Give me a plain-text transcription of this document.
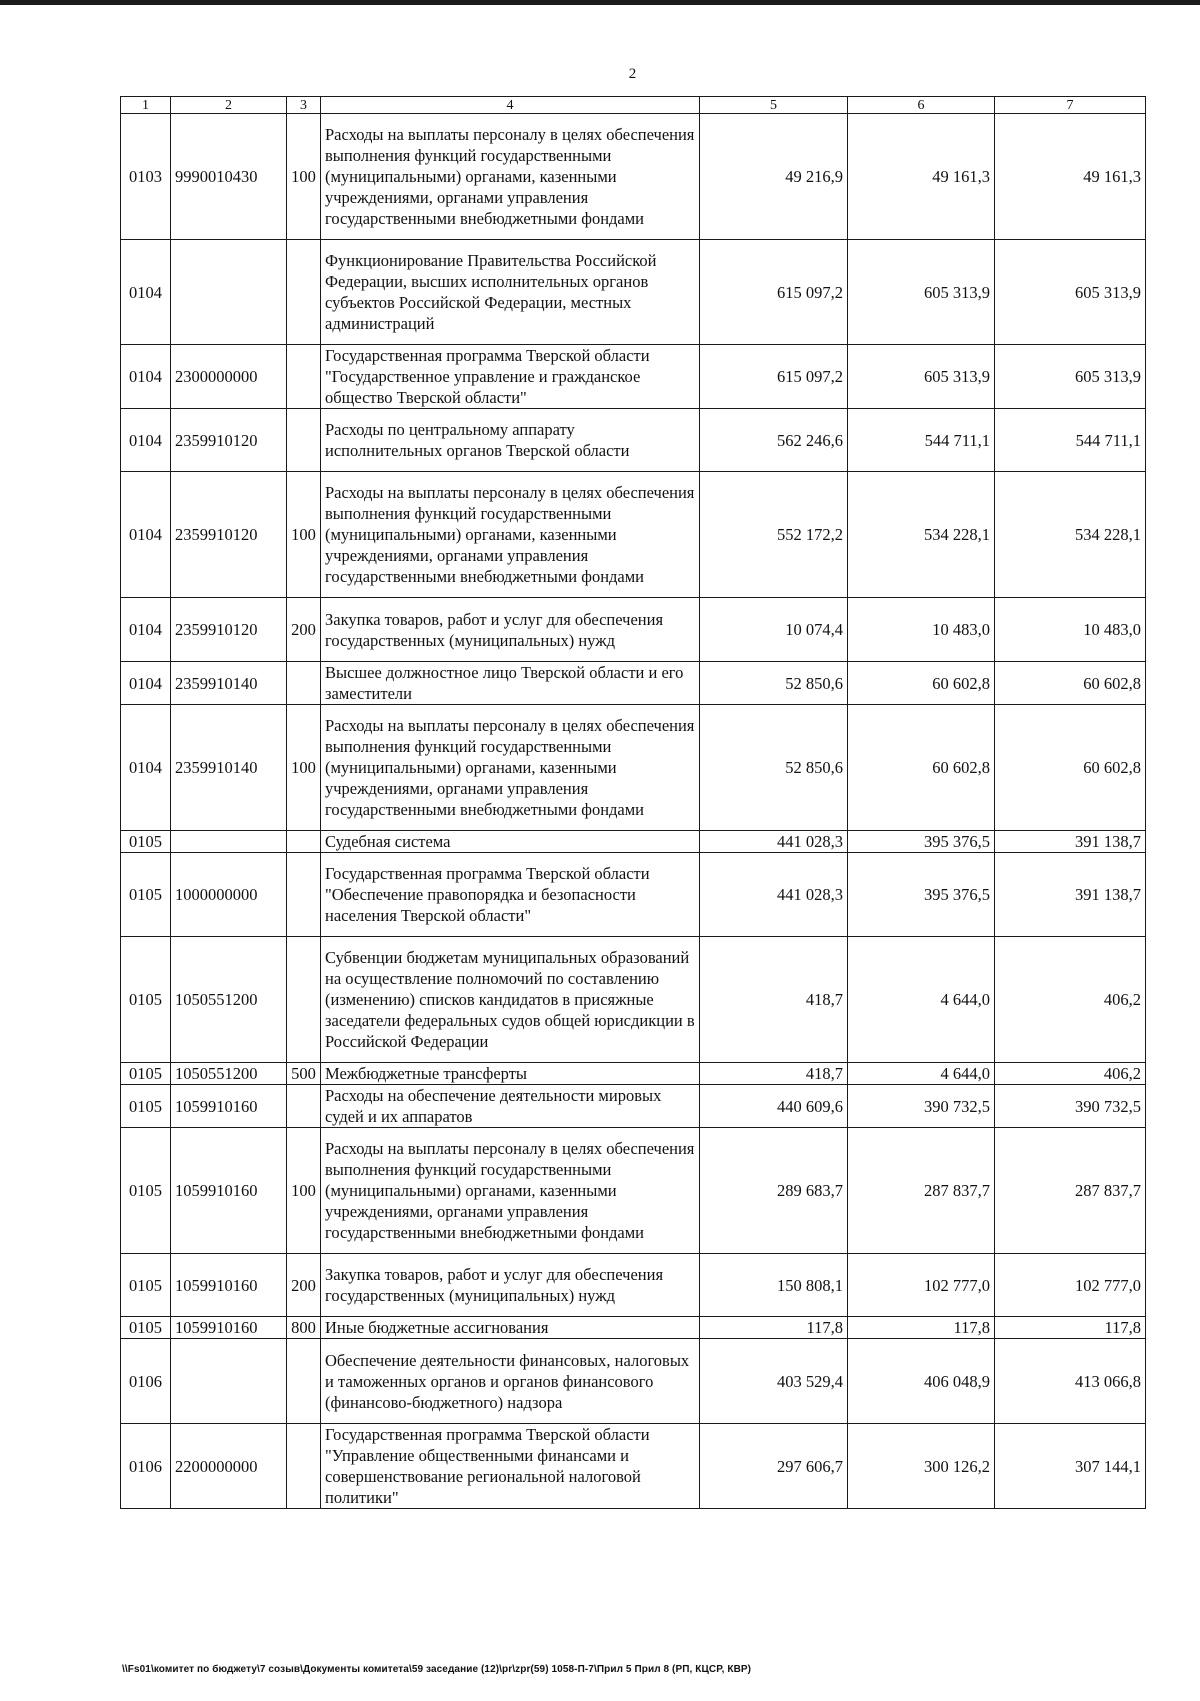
2
1	2	3	4	5	6	7
0103	9990010430	100	Расходы на выплаты персоналу в целях обеспечения выполнения функций государственными (муниципальными) органами, казенными учреждениями, органами управления государственными внебюджетными фондами	49 216,9	49 161,3	49 161,3
0104			Функционирование Правительства Российской Федерации, высших исполнительных органов субъектов Российской Федерации, местных администраций	615 097,2	605 313,9	605 313,9
0104	2300000000		Государственная программа Тверской области "Государственное управление и гражданское общество Тверской области"	615 097,2	605 313,9	605 313,9
0104	2359910120		Расходы по центральному аппарату исполнительных органов Тверской области	562 246,6	544 711,1	544 711,1
0104	2359910120	100	Расходы на выплаты персоналу в целях обеспечения выполнения функций государственными (муниципальными) органами, казенными учреждениями, органами управления государственными внебюджетными фондами	552 172,2	534 228,1	534 228,1
0104	2359910120	200	Закупка товаров, работ и услуг для обеспечения государственных (муниципальных) нужд	10 074,4	10 483,0	10 483,0
0104	2359910140		Высшее должностное лицо Тверской области и его заместители	52 850,6	60 602,8	60 602,8
0104	2359910140	100	Расходы на выплаты персоналу в целях обеспечения выполнения функций государственными (муниципальными) органами, казенными учреждениями, органами управления государственными внебюджетными фондами	52 850,6	60 602,8	60 602,8
0105			Судебная система	441 028,3	395 376,5	391 138,7
0105	1000000000		Государственная программа Тверской области "Обеспечение правопорядка и безопасности населения Тверской области"	441 028,3	395 376,5	391 138,7
0105	1050551200		Субвенции бюджетам муниципальных образований на осуществление полномочий по составлению (изменению) списков кандидатов в присяжные заседатели федеральных судов общей юрисдикции в Российской Федерации	418,7	4 644,0	406,2
0105	1050551200	500	Межбюджетные трансферты	418,7	4 644,0	406,2
0105	1059910160		Расходы на обеспечение деятельности мировых судей и их аппаратов	440 609,6	390 732,5	390 732,5
0105	1059910160	100	Расходы на выплаты персоналу в целях обеспечения выполнения функций государственными (муниципальными) органами, казенными учреждениями, органами управления государственными внебюджетными фондами	289 683,7	287 837,7	287 837,7
0105	1059910160	200	Закупка товаров, работ и услуг для обеспечения государственных (муниципальных) нужд	150 808,1	102 777,0	102 777,0
0105	1059910160	800	Иные бюджетные ассигнования	117,8	117,8	117,8
0106			Обеспечение деятельности финансовых, налоговых и таможенных органов и органов финансового (финансово-бюджетного) надзора	403 529,4	406 048,9	413 066,8
0106	2200000000		Государственная программа Тверской области "Управление общественными финансами и совершенствование региональной налоговой политики"	297 606,7	300 126,2	307 144,1
\\Fs01\комитет по бюджету\7 созыв\Документы комитета\59 заседание (12)\pr\zpr(59) 1058-П-7\Прил 5 Прил 8 (РП, КЦСР, КВР)
